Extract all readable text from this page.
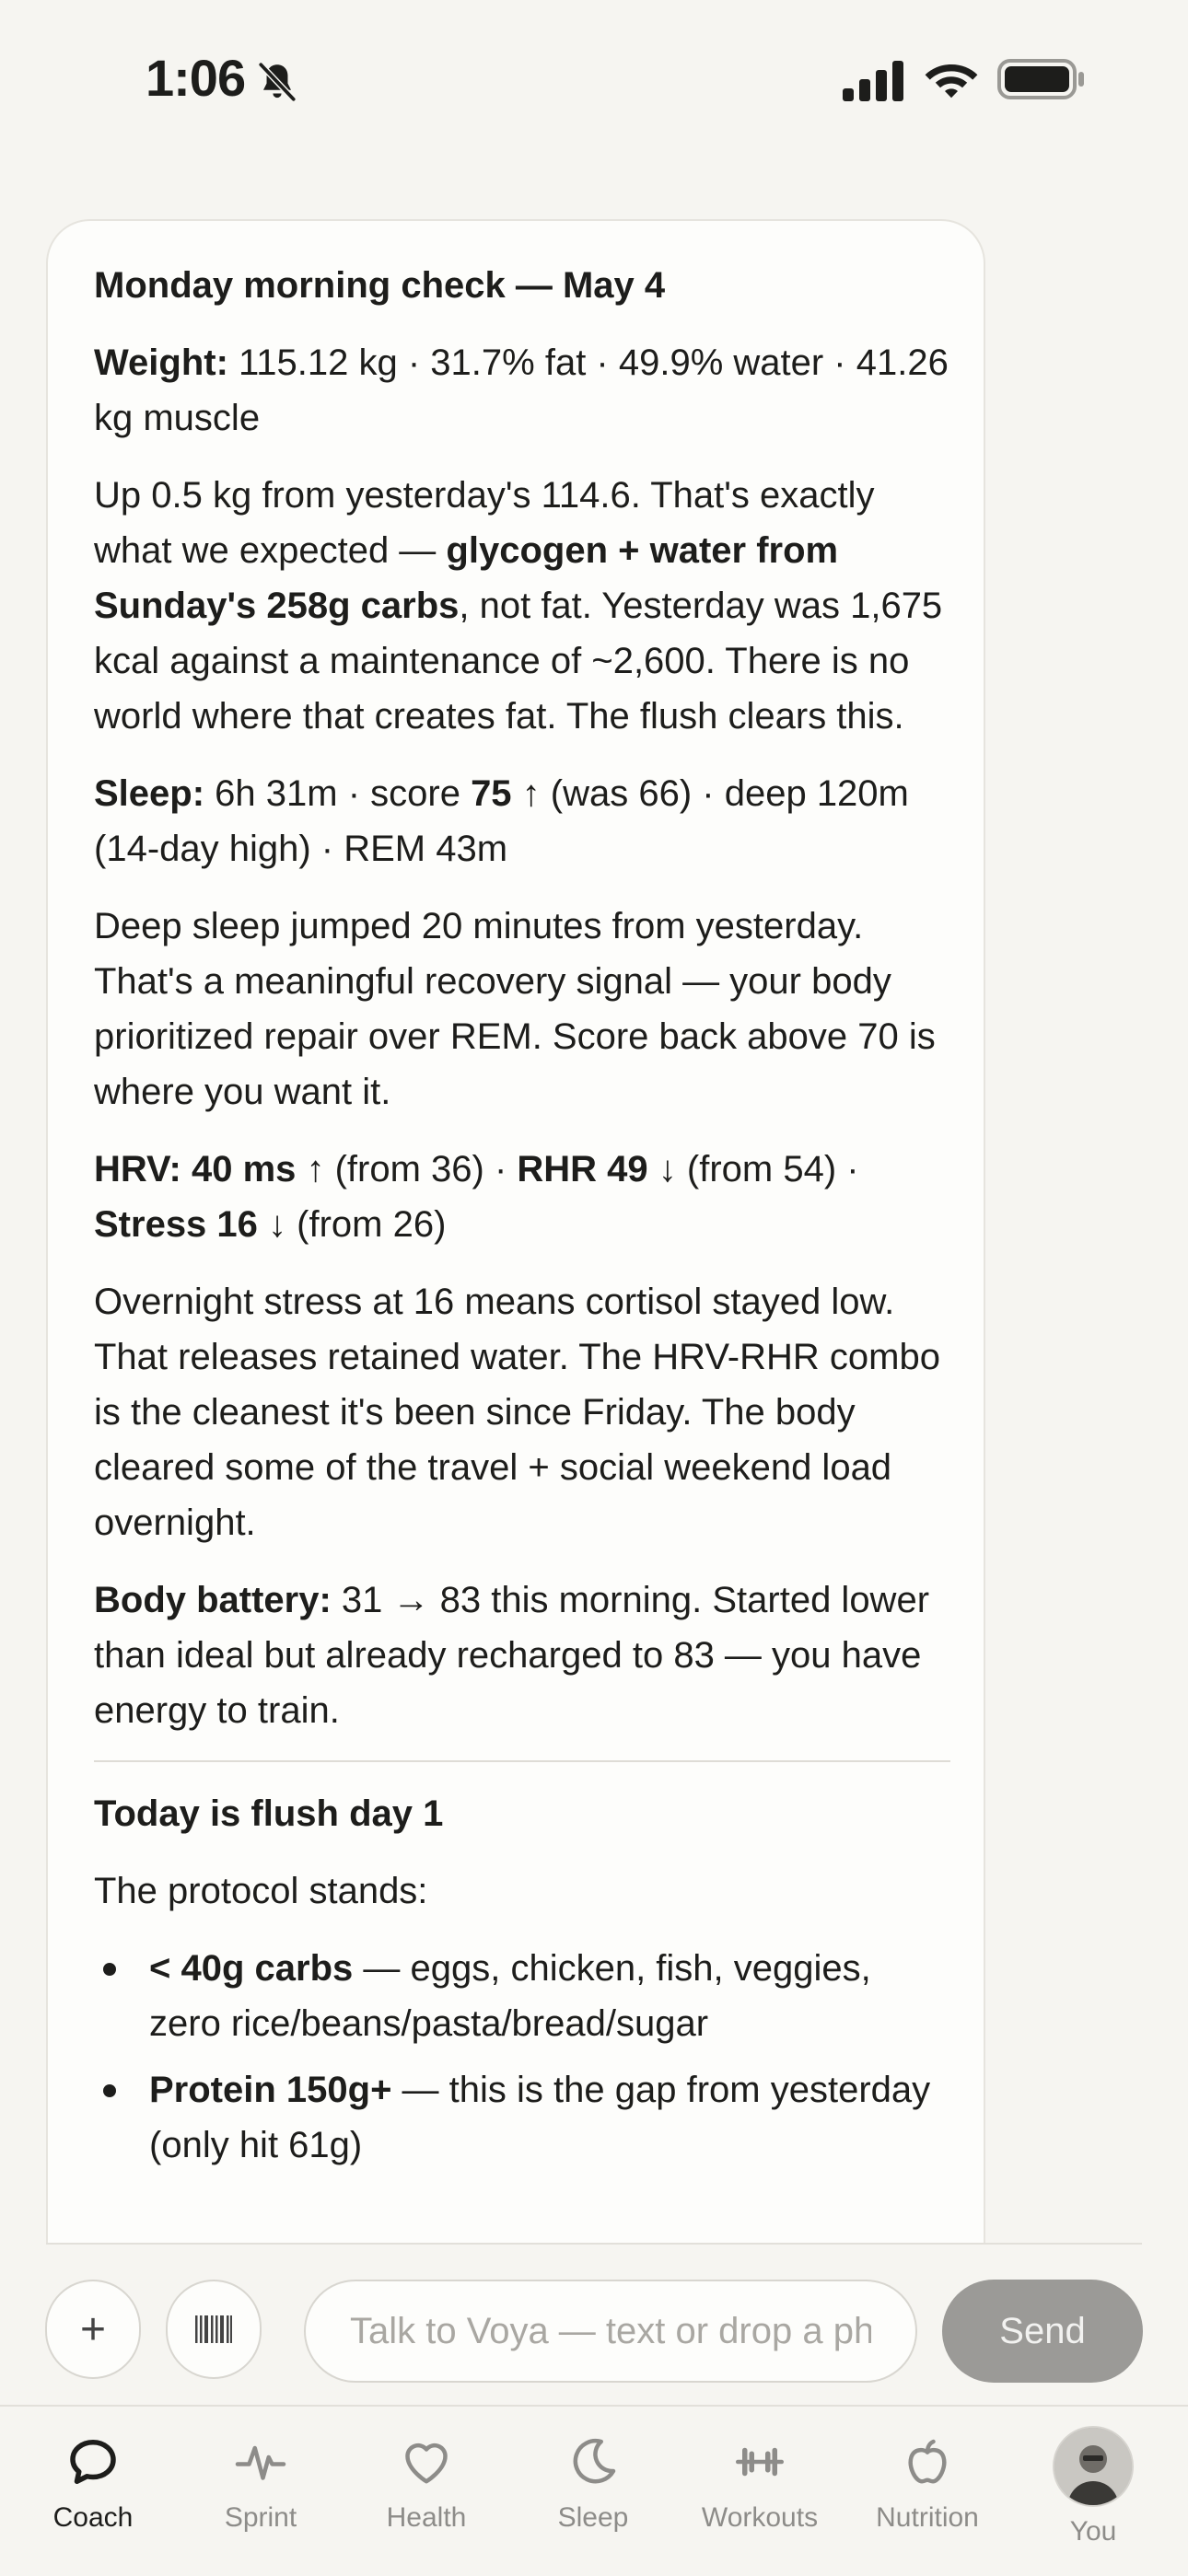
1:06

Monday morning check — May 4

Weight: 115.12 kg · 31.7% fat · 49.9% water · 41.26 kg muscle

Up 0.5 kg from yesterday's 114.6. That's exactly what we expected — glycogen + water from Sunday's 258g carbs, not fat. Yesterday was 1,675 kcal against a maintenance of ~2,600. There is no world where that creates fat. The flush clears this.

Sleep: 6h 31m · score 75 ↑ (was 66) · deep 120m (14-day high) · REM 43m

Deep sleep jumped 20 minutes from yesterday. That's a meaningful recovery signal — your body prioritized repair over REM. Score back above 70 is where you want it.

HRV: 40 ms ↑ (from 36) · RHR 49 ↓ (from 54) · Stress 16 ↓ (from 26)

Overnight stress at 16 means cortisol stayed low. That releases retained water. The HRV-RHR combo is the cleanest it's been since Friday. The body cleared some of the travel + social weekend load overnight.

Body battery: 31 → 83 this morning. Started lower than ideal but already recharged to 83 — you have energy to train.

Today is flush day 1

The protocol stands:

< 40g carbs — eggs, chicken, fish, veggies, zero rice/beans/pasta/bread/sugar
Protein 150g+ — this is the gap from yesterday (only hit 61g)
+
Talk to Voya — text or drop a photo	Send
Coach	Sprint	Health	Sleep	Workouts	Nutrition	You
